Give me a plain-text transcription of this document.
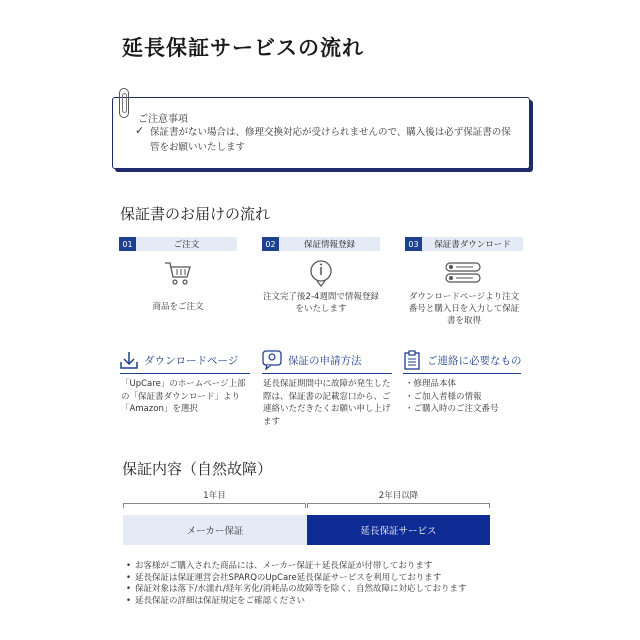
延長保証サービスの流れ
ご注意事項
✓ 保証書がない場合は、修理交換対応が受けられませんので、購入後は必ず保証書の保管をお願いいたします
保証書のお届けの流れ
01	ご注文
商品をご注文
02	保証情報登録
注文完了後2-4週間で情報登録をいたします
03	保証書ダウンロード
ダウンロードページより注文番号と購入日を入力して保証書を取得
ダウンロードページ
「UpCare」のホームページ上部の「保証書ダウンロード」より「Amazon」を選択
保証の申請方法
延長保証期間中に故障が発生した際は、保証書の記載窓口から、ご連絡いただきたくお願い申し上げます
ご連絡に必要なもの
・修理品本体
・ご加入者様の情報
・ご購入時のご注文番号
保証内容（自然故障）
1年目	2年目以降
メーカー保証	延長保証サービス
• お客様がご購入された商品には、メーカー保証＋延長保証が付帯しております
• 延長保証は保証運営会社SPARQのUpCare延長保証サービスを利用しております
• 保証対象は落下/水濡れ/経年劣化/消耗品の故障等を除く、自然故障に対応しております
• 延長保証の詳細は保証規定をご確認ください
